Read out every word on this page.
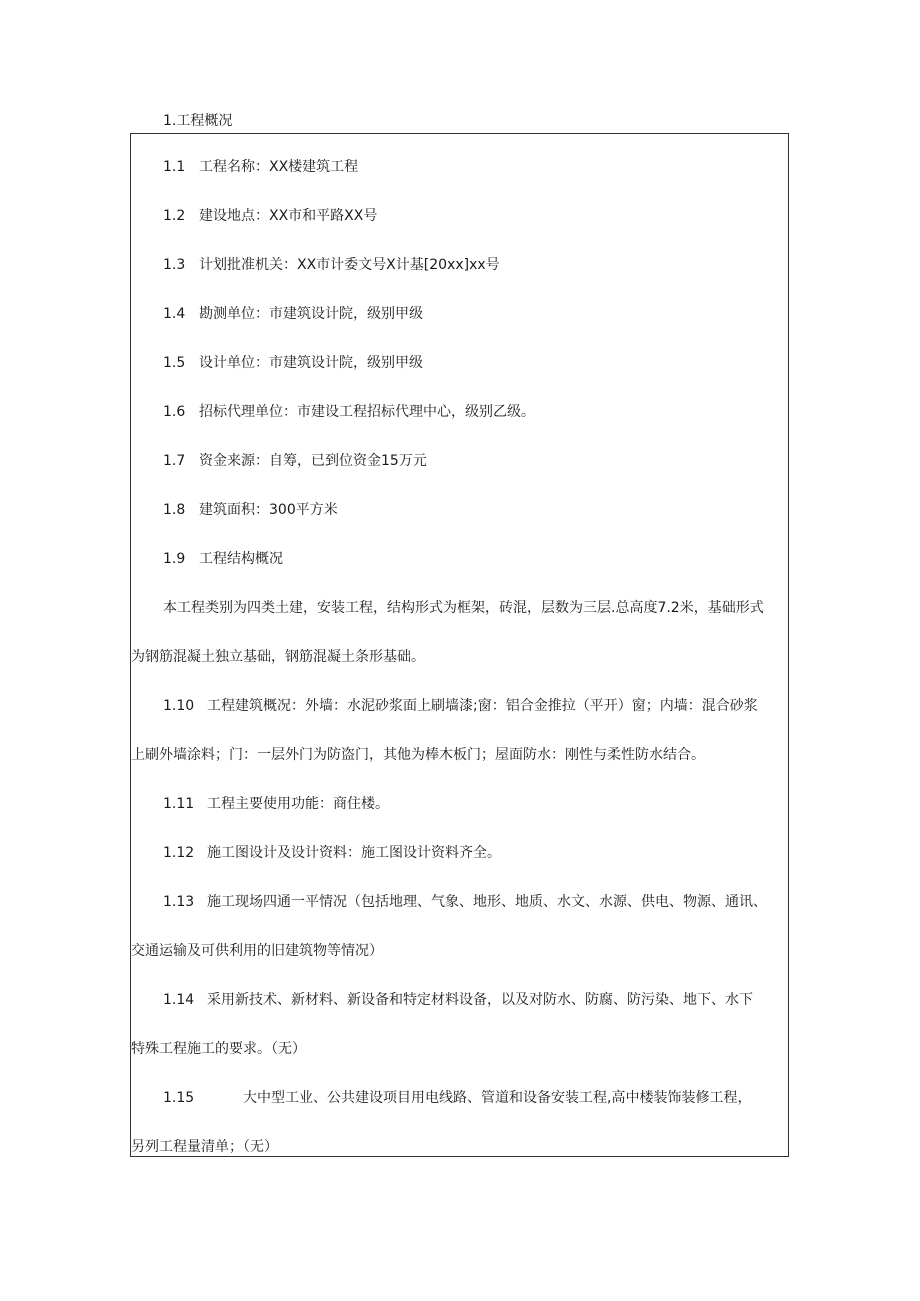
1.工程概况
1.1 工程名称：XX楼建筑工程
1.2 建设地点：XX市和平路XX号
1.3 计划批准机关：XX市计委文号X计基[20xx]xx号
1.4 勘测单位：市建筑设计院，级别甲级
1.5 设计单位：市建筑设计院，级别甲级
1.6 招标代理单位：市建设工程招标代理中心，级别乙级。
1.7 资金来源：自筹，已到位资金15万元
1.8 建筑面积：300平方米
1.9 工程结构概况
本工程类别为四类土建，安装工程，结构形式为框架，砖混，层数为三层.总高度7.2米，基础形式
为钢筋混凝土独立基础，钢筋混凝土条形基础。
1.10 工程建筑概况：外墙：水泥砂浆面上刷墙漆;窗：铝合金推拉（平开）窗；内墙：混合砂浆
上刷外墙涂料；门：一层外门为防盗门，其他为棒木板门；屋面防水：刚性与柔性防水结合。
1.11 工程主要使用功能：商住楼。
1.12 施工图设计及设计资料：施工图设计资料齐全。
1.13 施工现场四通一平情况（包括地理、气象、地形、地质、水文、水源、供电、物源、通讯、
交通运输及可供利用的旧建筑物等情况）
1.14 采用新技术、新材料、新设备和特定材料设备，以及对防水、防腐、防污染、地下、水下
特殊工程施工的要求。（无）
1.15	大中型工业、公共建设项目用电线路、管道和设备安装工程,高中楼装饰装修工程，
另列工程量清单；（无）
